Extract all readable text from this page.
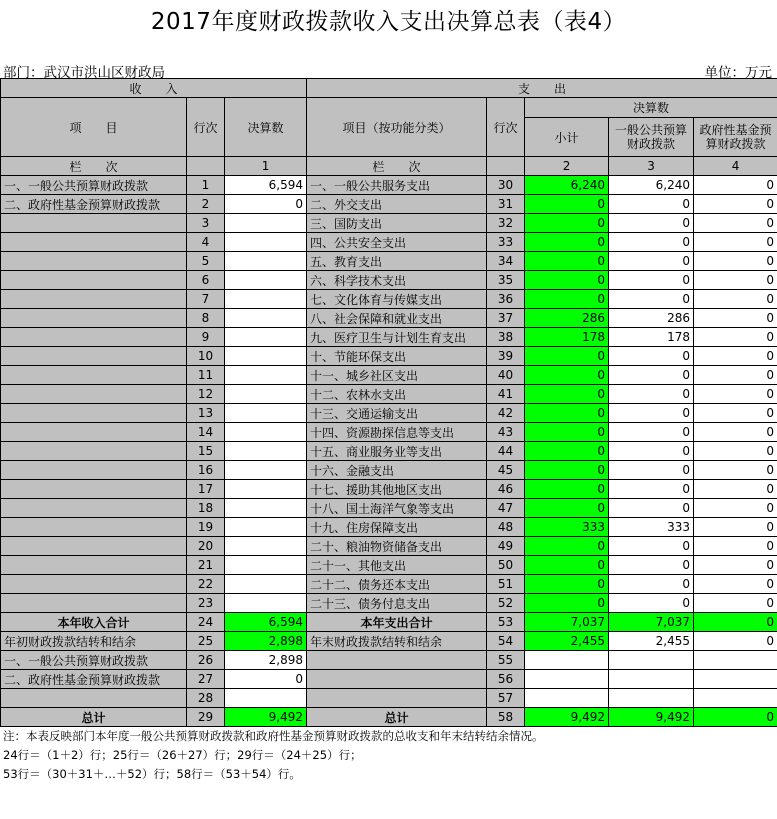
2017年度财政拨款收入支出决算总表（表4）
部门：武汉市洪山区财政局	单位：万元
收　　入			支　　出				
项　　目	行次	决算数	项目（按功能分类）	行次	决算数		
					小计	一般公共预算财政拨款	政府性基金预算财政拨款
栏　　次		1	栏　　次		2	3	4
一、一般公共预算财政拨款	1	6,594	一、一般公共服务支出	30	6,240	6,240	0
二、政府性基金预算财政拨款	2	0	二、外交支出	31	0	0	0
	3		三、国防支出	32	0	0	0
	4		四、公共安全支出	33	0	0	0
	5		五、教育支出	34	0	0	0
	6		六、科学技术支出	35	0	0	0
	7		七、文化体育与传媒支出	36	0	0	0
	8		八、社会保障和就业支出	37	286	286	0
	9		九、医疗卫生与计划生育支出	38	178	178	0
	10		十、节能环保支出	39	0	0	0
	11		十一、城乡社区支出	40	0	0	0
	12		十二、农林水支出	41	0	0	0
	13		十三、交通运输支出	42	0	0	0
	14		十四、资源勘探信息等支出	43	0	0	0
	15		十五、商业服务业等支出	44	0	0	0
	16		十六、金融支出	45	0	0	0
	17		十七、援助其他地区支出	46	0	0	0
	18		十八、国土海洋气象等支出	47	0	0	0
	19		十九、住房保障支出	48	333	333	0
	20		二十、粮油物资储备支出	49	0	0	0
	21		二十一、其他支出	50	0	0	0
	22		二十二、债务还本支出	51	0	0	0
	23		二十三、债务付息支出	52	0	0	0
本年收入合计	24	6,594	本年支出合计	53	7,037	7,037	0
年初财政拨款结转和结余	25	2,898	年末财政拨款结转和结余	54	2,455	2,455	0
一、一般公共预算财政拨款	26	2,898		55			
二、政府性基金预算财政拨款	27	0		56			
	28			57			
总计	29	9,492	总计	58	9,492	9,492	0
注：本表反映部门本年度一般公共预算财政拨款和政府性基金预算财政拨款的总收支和年末结转结余情况。
24行＝（1＋2）行；25行＝（26＋27）行；29行＝（24＋25）行；
53行＝（30＋31＋…＋52）行；58行＝（53＋54）行。
